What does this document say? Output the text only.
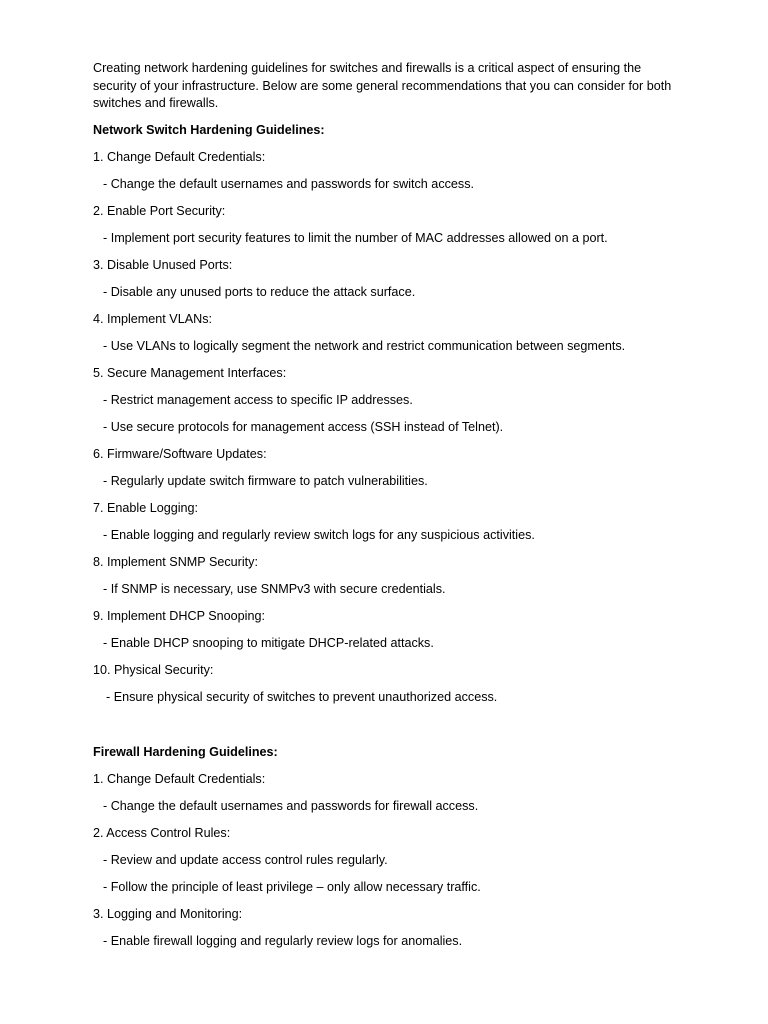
Creating network hardening guidelines for switches and firewalls is a critical aspect of ensuring the security of your infrastructure. Below are some general recommendations that you can consider for both switches and firewalls.

Network Switch Hardening Guidelines:
1. Change Default Credentials:
- Change the default usernames and passwords for switch access.
2. Enable Port Security:
- Implement port security features to limit the number of MAC addresses allowed on a port.
3. Disable Unused Ports:
- Disable any unused ports to reduce the attack surface.
4. Implement VLANs:
- Use VLANs to logically segment the network and restrict communication between segments.
5. Secure Management Interfaces:
- Restrict management access to specific IP addresses.
- Use secure protocols for management access (SSH instead of Telnet).
6. Firmware/Software Updates:
- Regularly update switch firmware to patch vulnerabilities.
7. Enable Logging:
- Enable logging and regularly review switch logs for any suspicious activities.
8. Implement SNMP Security:
- If SNMP is necessary, use SNMPv3 with secure credentials.
9. Implement DHCP Snooping:
- Enable DHCP snooping to mitigate DHCP-related attacks.
10. Physical Security:
- Ensure physical security of switches to prevent unauthorized access.
Firewall Hardening Guidelines:
1. Change Default Credentials:
- Change the default usernames and passwords for firewall access.
2. Access Control Rules:
- Review and update access control rules regularly.
- Follow the principle of least privilege – only allow necessary traffic.
3. Logging and Monitoring:
- Enable firewall logging and regularly review logs for anomalies.
